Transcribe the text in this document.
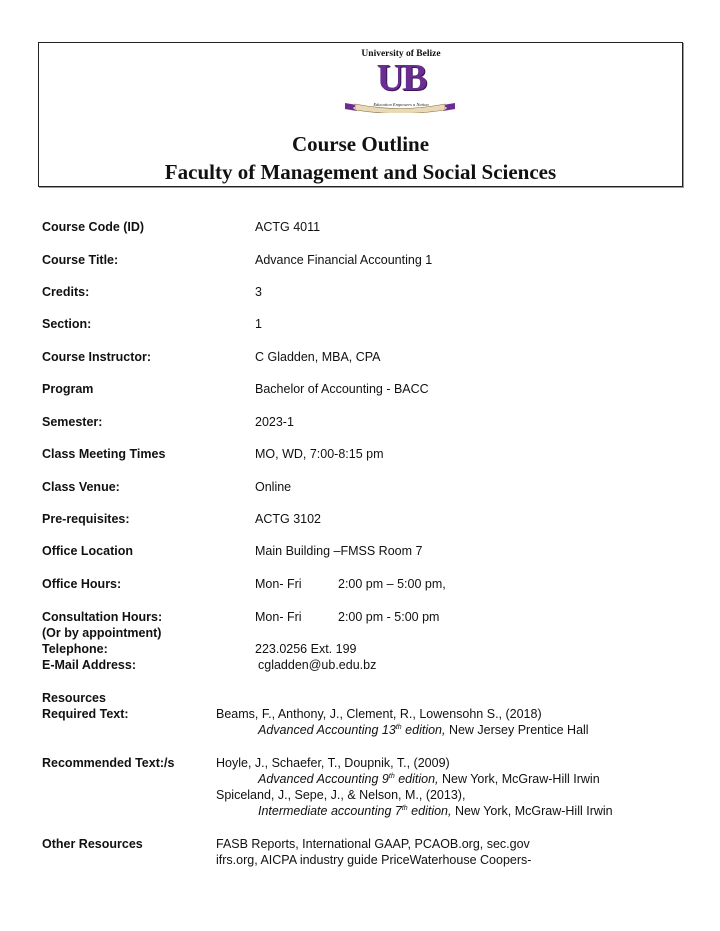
University of Belize
UB
Education Empowers a Nation
Course Outline
Faculty of Management and Social Sciences
Course Code (ID)	ACTG 4011
Course Title:	Advance Financial Accounting 1
Credits:	3
Section:	1
Course Instructor:	C Gladden, MBA, CPA
Program	Bachelor of Accounting - BACC
Semester:	2023-1
Class Meeting Times	MO, WD, 7:00-8:15 pm
Class Venue:	Online
Pre-requisites:	ACTG 3102
Office Location	Main Building –FMSS Room 7
Office Hours:	Mon- Fri	2:00 pm – 5:00 pm,
Consultation Hours:	Mon- Fri	2:00 pm - 5:00 pm
(Or by appointment)
Telephone:	223.0256 Ext. 199
E-Mail Address:	cgladden@ub.edu.bz
Resources
Required Text:	Beams, F., Anthony, J., Clement, R., Lowensohn S., (2018)
Advanced Accounting 13th edition, New Jersey Prentice Hall
Recommended Text:/s	Hoyle, J., Schaefer, T., Doupnik, T., (2009)
Advanced Accounting 9th edition, New York, McGraw-Hill Irwin
Spiceland, J., Sepe, J., & Nelson, M., (2013),
Intermediate accounting 7th edition, New York, McGraw-Hill Irwin
Other Resources	FASB Reports, International GAAP, PCAOB.org, sec.gov
ifrs.org, AICPA industry guide PriceWaterhouse Coopers-
